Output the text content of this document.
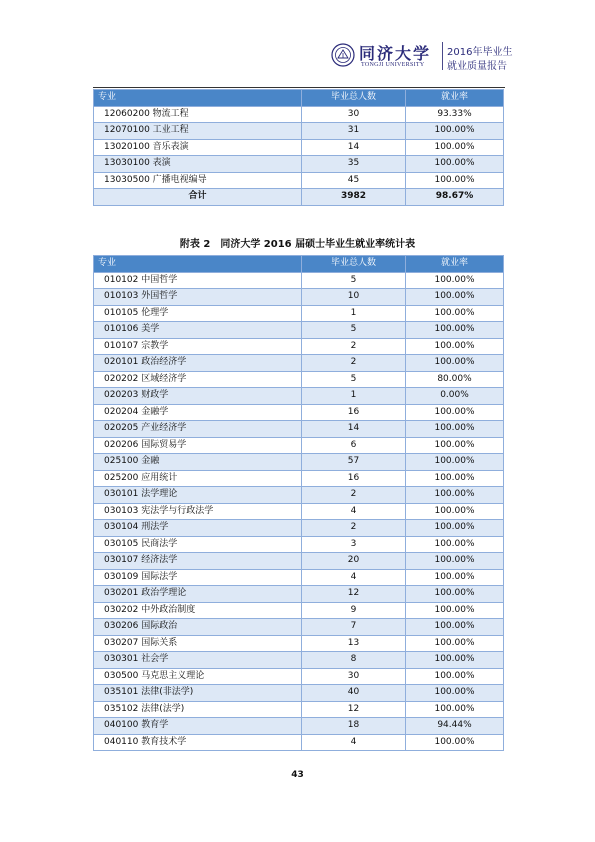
同济大学
TONGJI UNIVERSITY
2016年毕业生
就业质量报告
专业	毕业总人数	就业率
12060200 物流工程	30	93.33%
12070100 工业工程	31	100.00%
13020100 音乐表演	14	100.00%
13030100 表演	35	100.00%
13030500 广播电视编导	45	100.00%
合计	3982	98.67%
附表 2　同济大学 2016 届硕士毕业生就业率统计表
专业	毕业总人数	就业率
010102 中国哲学	5	100.00%
010103 外国哲学	10	100.00%
010105 伦理学	1	100.00%
010106 美学	5	100.00%
010107 宗教学	2	100.00%
020101 政治经济学	2	100.00%
020202 区域经济学	5	80.00%
020203 财政学	1	0.00%
020204 金融学	16	100.00%
020205 产业经济学	14	100.00%
020206 国际贸易学	6	100.00%
025100 金融	57	100.00%
025200 应用统计	16	100.00%
030101 法学理论	2	100.00%
030103 宪法学与行政法学	4	100.00%
030104 刑法学	2	100.00%
030105 民商法学	3	100.00%
030107 经济法学	20	100.00%
030109 国际法学	4	100.00%
030201 政治学理论	12	100.00%
030202 中外政治制度	9	100.00%
030206 国际政治	7	100.00%
030207 国际关系	13	100.00%
030301 社会学	8	100.00%
030500 马克思主义理论	30	100.00%
035101 法律(非法学)	40	100.00%
035102 法律(法学)	12	100.00%
040100 教育学	18	94.44%
040110 教育技术学	4	100.00%
43
